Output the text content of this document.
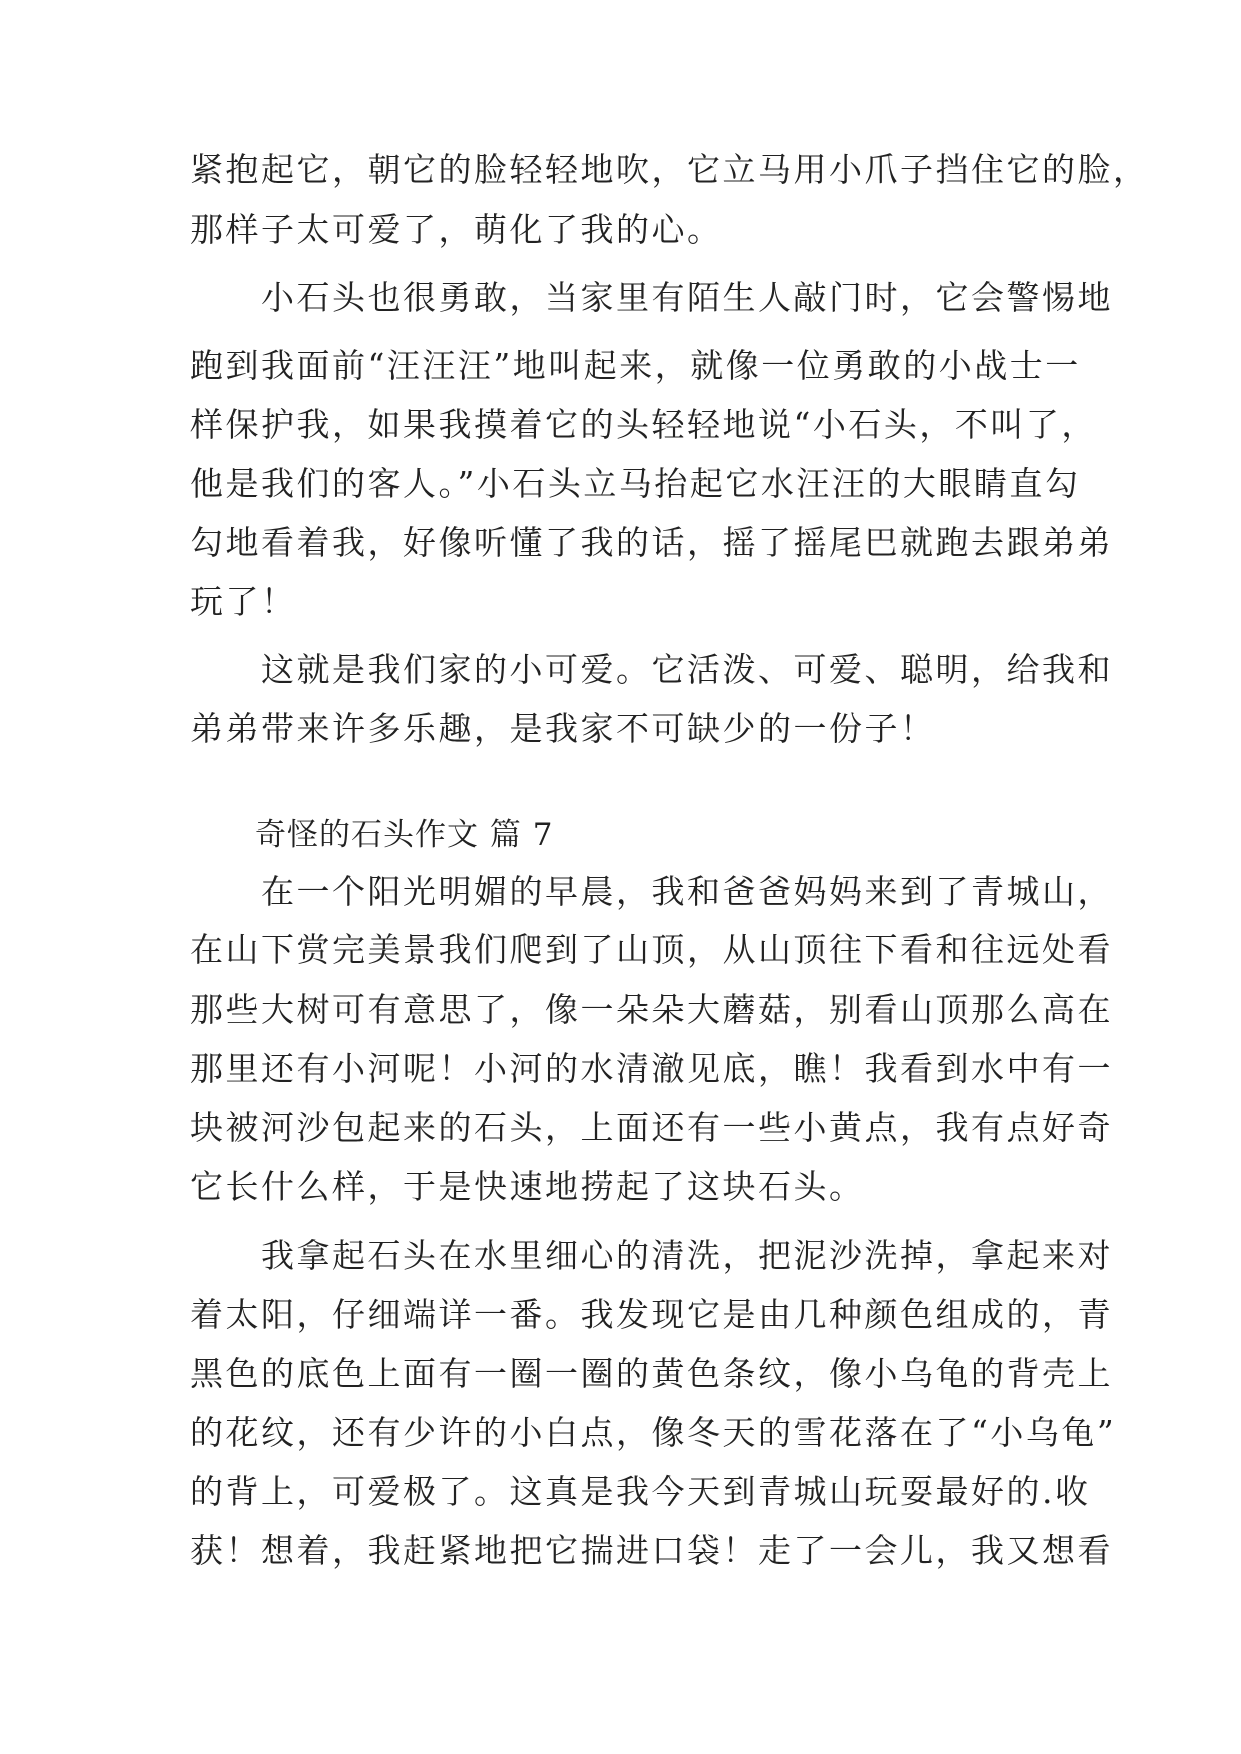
紧抱起它，朝它的脸轻轻地吹，它立马用小爪子挡住它的脸，
那样子太可爱了，萌化了我的心。
　　小石头也很勇敢，当家里有陌生人敲门时，它会警惕地
跑到我面前“汪汪汪”地叫起来，就像一位勇敢的小战士一
样保护我，如果我摸着它的头轻轻地说“小石头，不叫了，
他是我们的客人。”小石头立马抬起它水汪汪的大眼睛直勾
勾地看着我，好像听懂了我的话，摇了摇尾巴就跑去跟弟弟
玩了！
　　这就是我们家的小可爱。它活泼、可爱、聪明，给我和
弟弟带来许多乐趣，是我家不可缺少的一份子！
奇怪的石头作文 篇 7
　　在一个阳光明媚的早晨，我和爸爸妈妈来到了青城山，
在山下赏完美景我们爬到了山顶，从山顶往下看和往远处看
那些大树可有意思了，像一朵朵大蘑菇，别看山顶那么高在
那里还有小河呢！小河的水清澈见底，瞧！我看到水中有一
块被河沙包起来的石头，上面还有一些小黄点，我有点好奇
它长什么样，于是快速地捞起了这块石头。
　　我拿起石头在水里细心的清洗，把泥沙洗掉，拿起来对
着太阳，仔细端详一番。我发现它是由几种颜色组成的，青
黑色的底色上面有一圈一圈的黄色条纹，像小乌龟的背壳上
的花纹，还有少许的小白点，像冬天的雪花落在了“小乌龟”
的背上，可爱极了。这真是我今天到青城山玩耍最好的.收
获！想着，我赶紧地把它揣进口袋！走了一会儿，我又想看
